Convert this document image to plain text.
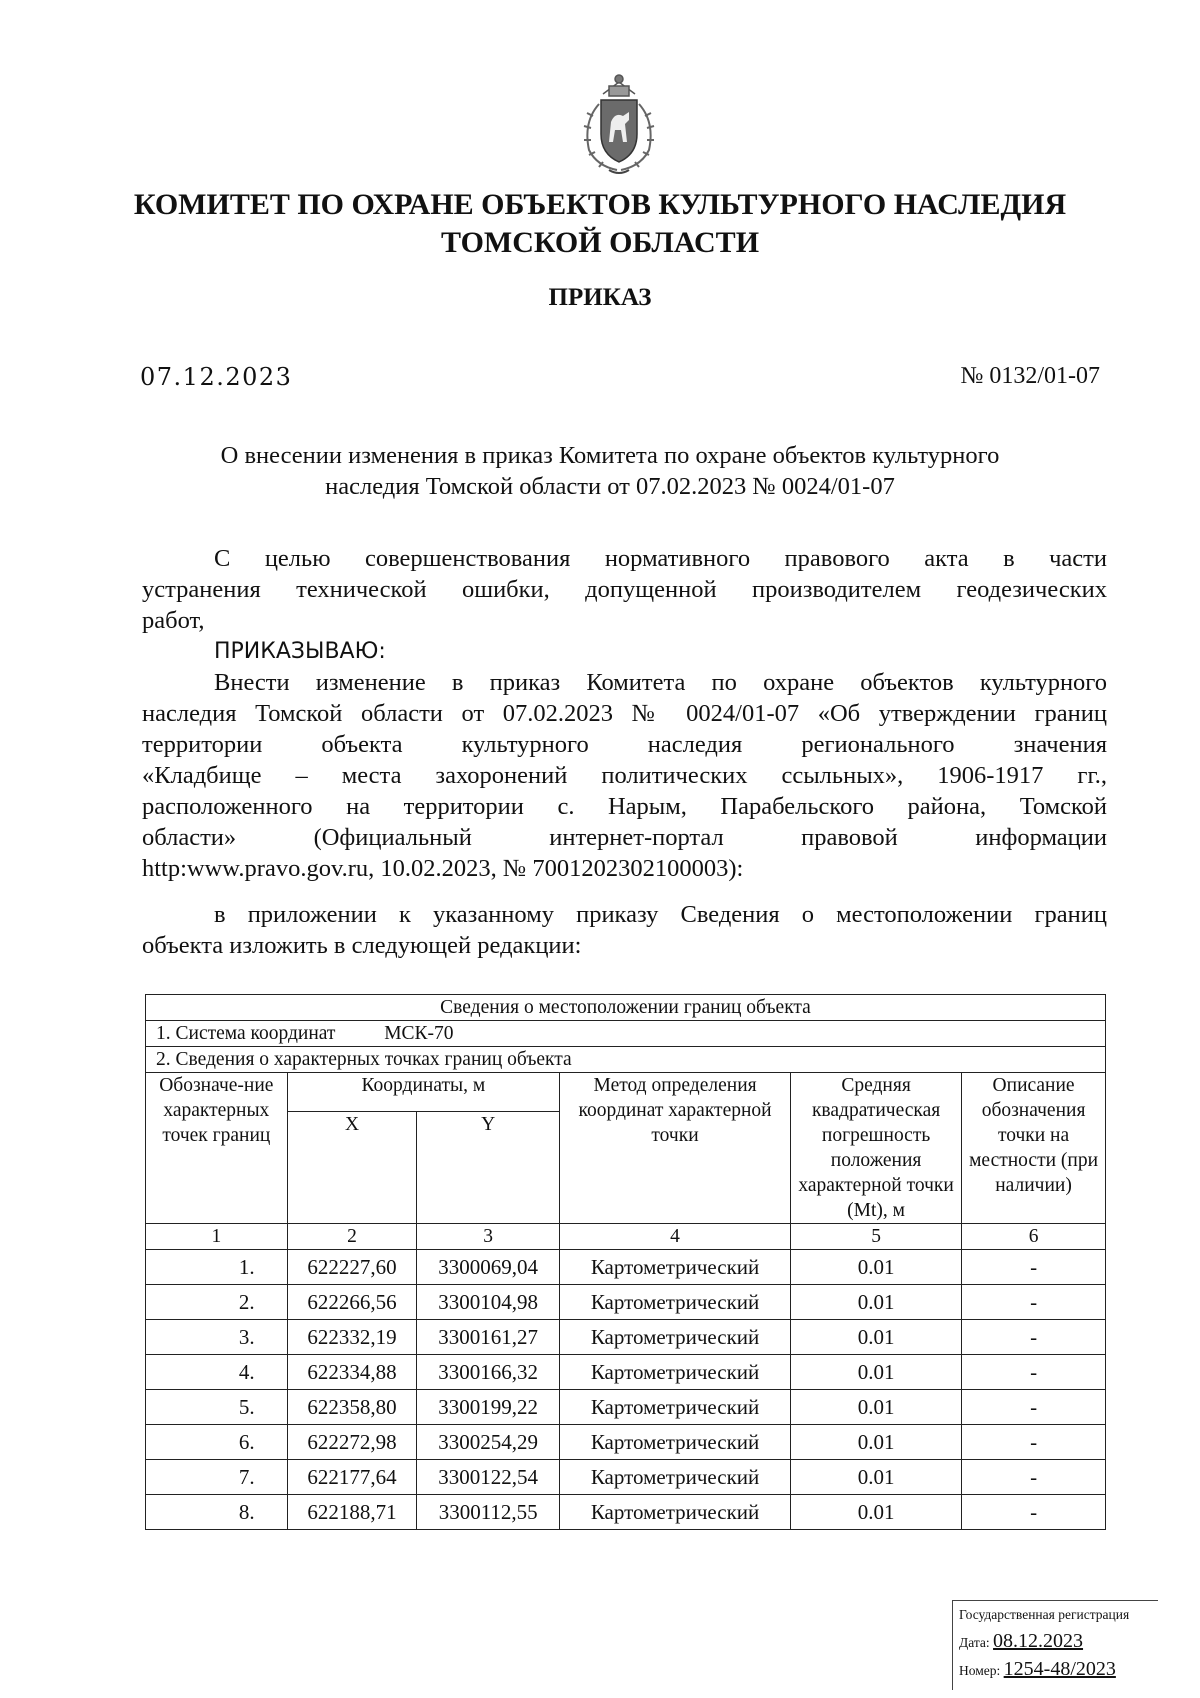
КОМИТЕТ ПО ОХРАНЕ ОБЪЕКТОВ КУЛЬТУРНОГО НАСЛЕДИЯ
ТОМСКОЙ ОБЛАСТИ
ПРИКАЗ
07.12.2023	№ 0132/01-07
О внесении изменения в приказ Комитета по охране объектов культурного
наследия Томской области от 07.02.2023 № 0024/01-07
С целью совершенствования нормативного правового акта в части
устранения технической ошибки, допущенной производителем геодезических
работ,
ПРИКАЗЫВАЮ:
Внести изменение в приказ Комитета по охране объектов культурного
наследия Томской области от 07.02.2023 № 0024/01-07 «Об утверждении границ
территории объекта культурного наследия регионального значения
«Кладбище – места захоронений политических ссыльных», 1906-1917 гг.,
расположенного на территории с. Нарым, Парабельского района, Томской
области» (Официальный интернет-портал правовой информации
http:www.pravo.gov.ru, 10.02.2023, № 7001202302100003):
в приложении к указанному приказу Сведения о местоположении границ
объекта изложить в следующей редакции:
Сведения о местоположении границ объекта					
1. Система координат МСК-70					
2. Сведения о характерных точках границ объекта					
Обозначе-ние характерных точек границ	Координаты, м		Метод определения координат характерной точки	Средняя квадратическая погрешность положения характерной точки (Mt), м	Описание обозначения точки на местности (при наличии)
	X	Y			
1	2	3	4	5	6
1.	622227,60	3300069,04	Картометрический	0.01	-
2.	622266,56	3300104,98	Картометрический	0.01	-
3.	622332,19	3300161,27	Картометрический	0.01	-
4.	622334,88	3300166,32	Картометрический	0.01	-
5.	622358,80	3300199,22	Картометрический	0.01	-
6.	622272,98	3300254,29	Картометрический	0.01	-
7.	622177,64	3300122,54	Картометрический	0.01	-
8.	622188,71	3300112,55	Картометрический	0.01	-
Государственная регистрация
Дата: 08.12.2023
Номер: 1254-48/2023
